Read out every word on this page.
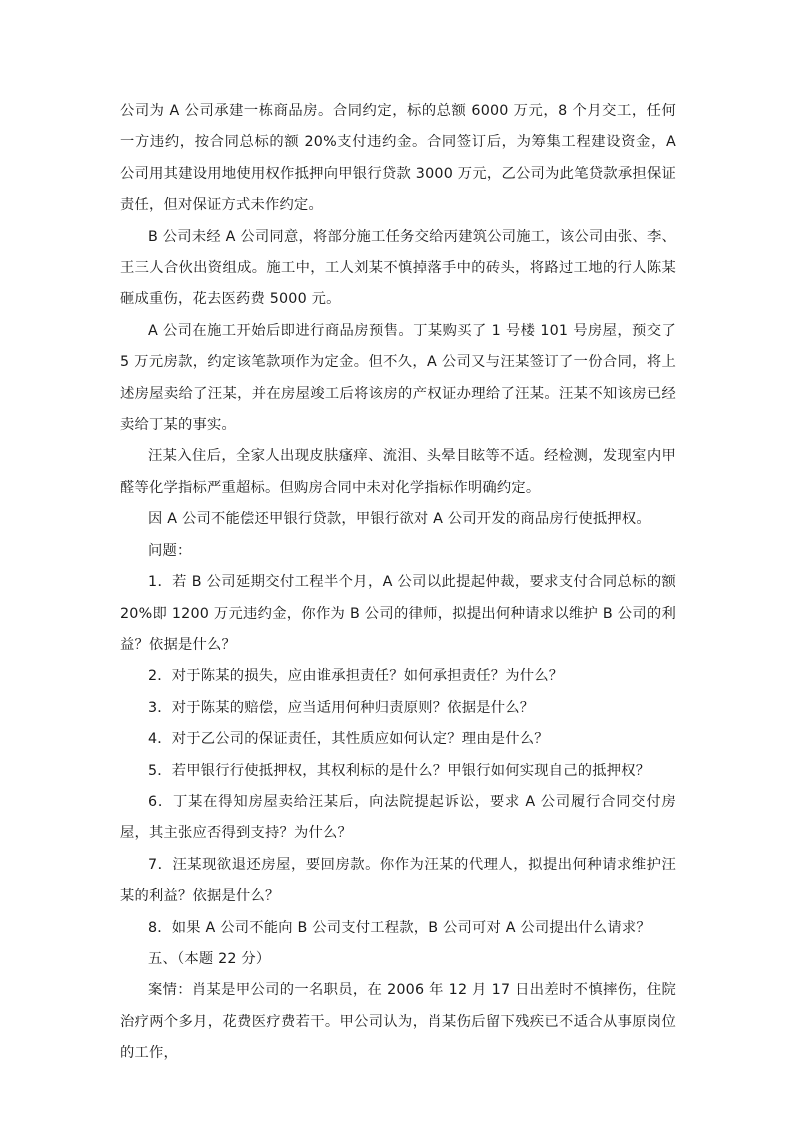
公司为 A 公司承建一栋商品房。合同约定，标的总额 6000 万元，8 个月交工，任何一方违约，按合同总标的额 20%支付违约金。合同签订后，为筹集工程建设资金，A 公司用其建设用地使用权作抵押向甲银行贷款 3000 万元，乙公司为此笔贷款承担保证责任，但对保证方式未作约定。

B 公司未经 A 公司同意，将部分施工任务交给丙建筑公司施工，该公司由张、李、王三人合伙出资组成。施工中，工人刘某不慎掉落手中的砖头，将路过工地的行人陈某砸成重伤，花去医药费 5000 元。

A 公司在施工开始后即进行商品房预售。丁某购买了 1 号楼 101 号房屋，预交了 5 万元房款，约定该笔款项作为定金。但不久，A 公司又与汪某签订了一份合同，将上述房屋卖给了汪某，并在房屋竣工后将该房的产权证办理给了汪某。汪某不知该房已经卖给丁某的事实。

汪某入住后，全家人出现皮肤瘙痒、流泪、头晕目眩等不适。经检测，发现室内甲醛等化学指标严重超标。但购房合同中未对化学指标作明确约定。

因 A 公司不能偿还甲银行贷款，甲银行欲对 A 公司开发的商品房行使抵押权。

问题：

1．若 B 公司延期交付工程半个月，A 公司以此提起仲裁，要求支付合同总标的额 20%即 1200 万元违约金，你作为 B 公司的律师，拟提出何种请求以维护 B 公司的利益？依据是什么？

2．对于陈某的损失，应由谁承担责任？如何承担责任？为什么？

3．对于陈某的赔偿，应当适用何种归责原则？依据是什么？

4．对于乙公司的保证责任，其性质应如何认定？理由是什么？

5．若甲银行行使抵押权，其权利标的是什么？甲银行如何实现自己的抵押权？

6．丁某在得知房屋卖给汪某后，向法院提起诉讼，要求 A 公司履行合同交付房屋，其主张应否得到支持？为什么？

7．汪某现欲退还房屋，要回房款。你作为汪某的代理人，拟提出何种请求维护汪某的利益？依据是什么？

8．如果 A 公司不能向 B 公司支付工程款，B 公司可对 A 公司提出什么请求？

五、（本题 22 分）

案情：肖某是甲公司的一名职员，在 2006 年 12 月 17 日出差时不慎摔伤，住院治疗两个多月，花费医疗费若干。甲公司认为，肖某伤后留下残疾已不适合从事原岗位的工作，
